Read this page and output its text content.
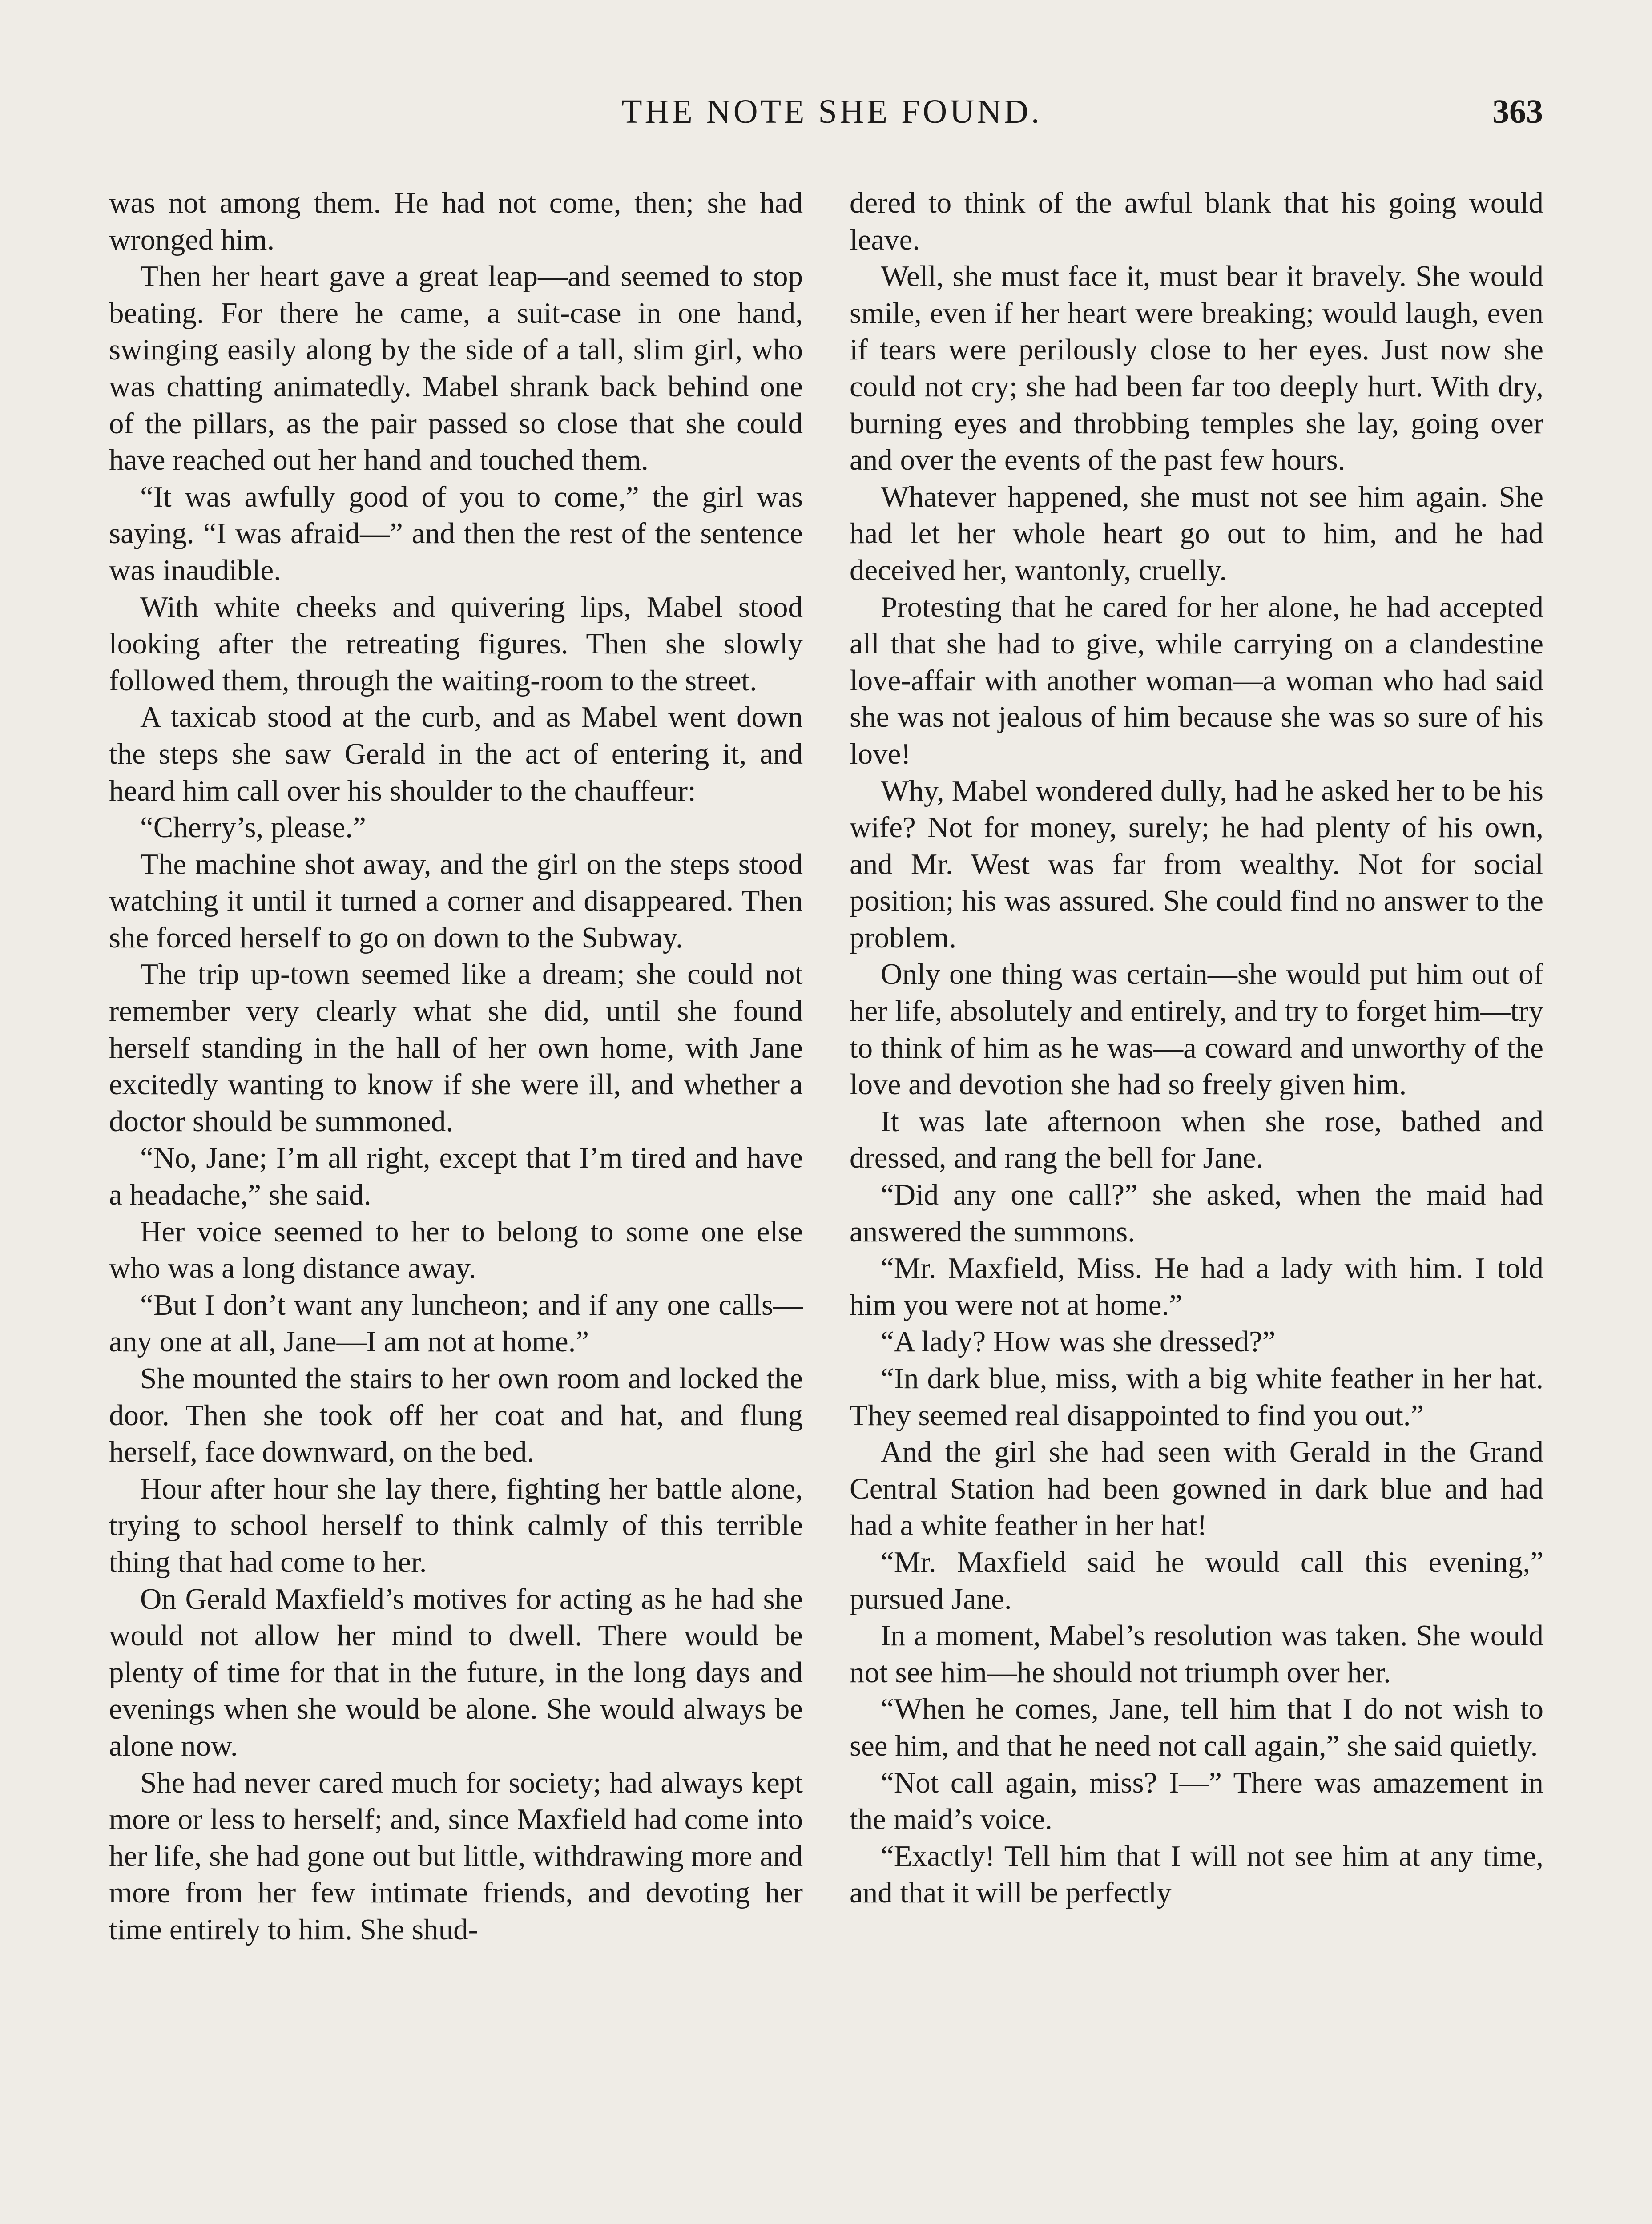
THE NOTE SHE FOUND.	363

was not among them. He had not come, then; she had wronged him.

Then her heart gave a great leap—and seemed to stop beating. For there he came, a suit-case in one hand, swinging easily along by the side of a tall, slim girl, who was chatting animatedly. Mabel shrank back behind one of the pillars, as the pair passed so close that she could have reached out her hand and touched them.

“It was awfully good of you to come,” the girl was saying. “I was afraid—” and then the rest of the sentence was inaudible.

With white cheeks and quivering lips, Mabel stood looking after the retreating figures. Then she slowly followed them, through the waiting-room to the street.

A taxicab stood at the curb, and as Mabel went down the steps she saw Gerald in the act of entering it, and heard him call over his shoulder to the chauffeur:

“Cherry’s, please.”

The machine shot away, and the girl on the steps stood watching it until it turned a corner and disappeared. Then she forced herself to go on down to the Subway.

The trip up-town seemed like a dream; she could not remember very clearly what she did, until she found herself standing in the hall of her own home, with Jane excitedly wanting to know if she were ill, and whether a doctor should be summoned.

“No, Jane; I’m all right, except that I’m tired and have a headache,” she said.

Her voice seemed to her to belong to some one else who was a long distance away.

“But I don’t want any luncheon; and if any one calls—any one at all, Jane—I am not at home.”

She mounted the stairs to her own room and locked the door. Then she took off her coat and hat, and flung herself, face downward, on the bed.

Hour after hour she lay there, fighting her battle alone, trying to school herself to think calmly of this terrible thing that had come to her.

On Gerald Maxfield’s motives for acting as he had she would not allow her mind to dwell. There would be plenty of time for that in the future, in the long days and evenings when she would be alone. She would always be alone now.

She had never cared much for society; had always kept more or less to herself; and, since Maxfield had come into her life, she had gone out but little, withdrawing more and more from her few intimate friends, and devoting her time entirely to him. She shud-

dered to think of the awful blank that his going would leave.

Well, she must face it, must bear it bravely. She would smile, even if her heart were breaking; would laugh, even if tears were perilously close to her eyes. Just now she could not cry; she had been far too deeply hurt. With dry, burning eyes and throbbing temples she lay, going over and over the events of the past few hours.

Whatever happened, she must not see him again. She had let her whole heart go out to him, and he had deceived her, wantonly, cruelly.

Protesting that he cared for her alone, he had accepted all that she had to give, while carrying on a clandestine love-affair with another woman—a woman who had said she was not jealous of him because she was so sure of his love!

Why, Mabel wondered dully, had he asked her to be his wife? Not for money, surely; he had plenty of his own, and Mr. West was far from wealthy. Not for social position; his was assured. She could find no answer to the problem.

Only one thing was certain—she would put him out of her life, absolutely and entirely, and try to forget him—try to think of him as he was—a coward and unworthy of the love and devotion she had so freely given him.

It was late afternoon when she rose, bathed and dressed, and rang the bell for Jane.

“Did any one call?” she asked, when the maid had answered the summons.

“Mr. Maxfield, Miss. He had a lady with him. I told him you were not at home.”

“A lady? How was she dressed?”

“In dark blue, miss, with a big white feather in her hat. They seemed real disappointed to find you out.”

And the girl she had seen with Gerald in the Grand Central Station had been gowned in dark blue and had had a white feather in her hat!

“Mr. Maxfield said he would call this evening,” pursued Jane.

In a moment, Mabel’s resolution was taken. She would not see him—he should not triumph over her.

“When he comes, Jane, tell him that I do not wish to see him, and that he need not call again,” she said quietly.

“Not call again, miss? I—” There was amazement in the maid’s voice.

“Exactly! Tell him that I will not see him at any time, and that it will be perfectly
